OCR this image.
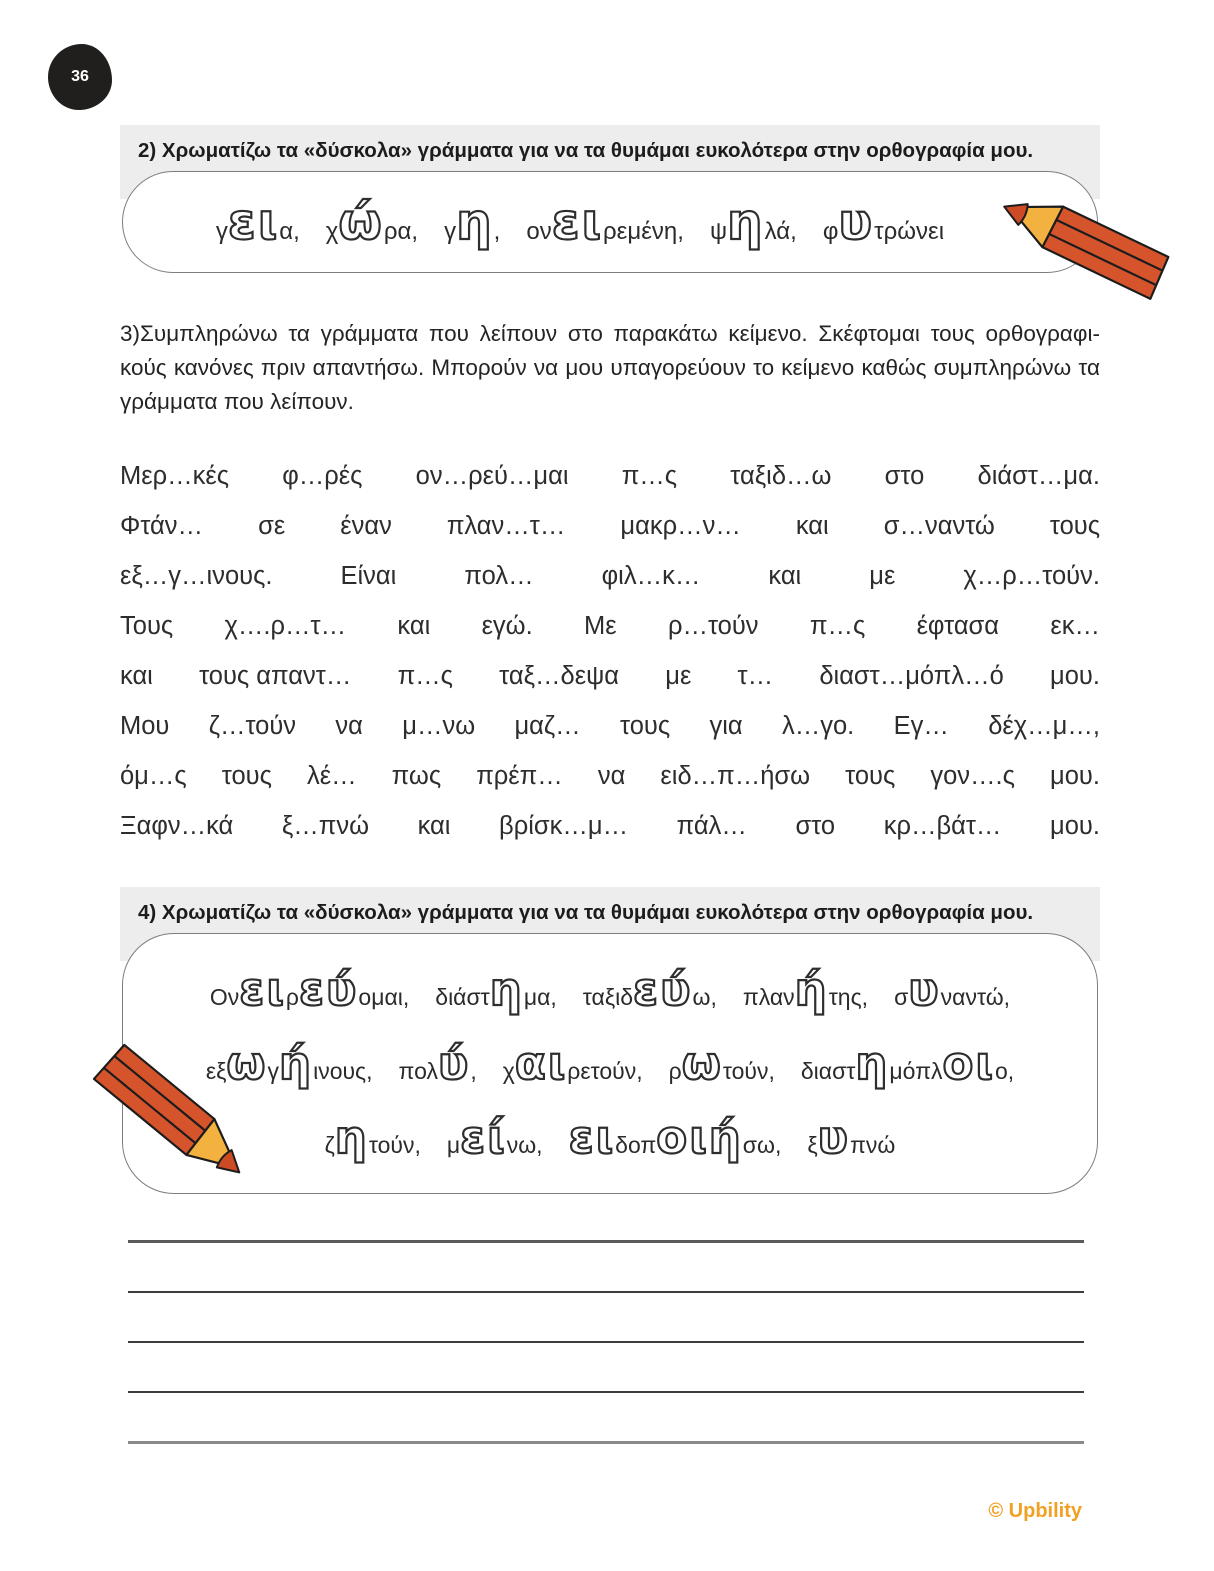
36
2) Χρωματίζω τα «δύσκολα» γράμματα για να τα θυμάμαι ευκολότερα στην ορθογραφία μου.
γεια, χώρα, γη, ονειρεμένη, ψηλά, φυτρώνει
3)Συμπληρώνω τα γράμματα που λείπουν στο παρακάτω κείμενο. Σκέφτομαι τους ορθογραφι-
κούς κανόνες πριν απαντήσω. Μπορούν να μου υπαγορεύουν το κείμενο καθώς συμπληρώνω τα
γράμματα που λείπουν.
Μερ…κές φ…ρές ον…ρεύ…μαι π…ς ταξιδ…ω στο διάστ…μα.
Φτάν… σε έναν πλαν…τ… μακρ…ν… και σ…ναντώ τους
εξ…γ…ινους.	Είναι	πολ…	φιλ…κ…	και	με	χ…ρ…τούν.
Τους χ….ρ…τ… και εγώ. Με ρ…τούν π…ς έφτασα εκ…
και τους απαντ… π…ς ταξ…δεψα με τ… διαστ…μόπλ…ό μου.
Μου ζ…τούν να μ…νω μαζ… τους για λ…γο. Εγ… δέχ…μ…,
όμ…ς τους λέ… πως πρέπ… να ειδ…π…ήσω τους γον….ς μου.
Ξαφν…κά ξ…πνώ και βρίσκ…μ… πάλ… στο κρ…βάτ… μου.
4) Χρωματίζω τα «δύσκολα» γράμματα για να τα θυμάμαι ευκολότερα στην ορθογραφία μου.
Ονειρεύομαι, διάστημα, ταξιδεύω, πλανήτης, συναντώ,
εξωγήινους, πολύ, χαιρετούν, ρωτούν, διαστημόπλοιο,
ζητούν, μείνω, ειδοποιήσω, ξυπνώ
© Upbility
